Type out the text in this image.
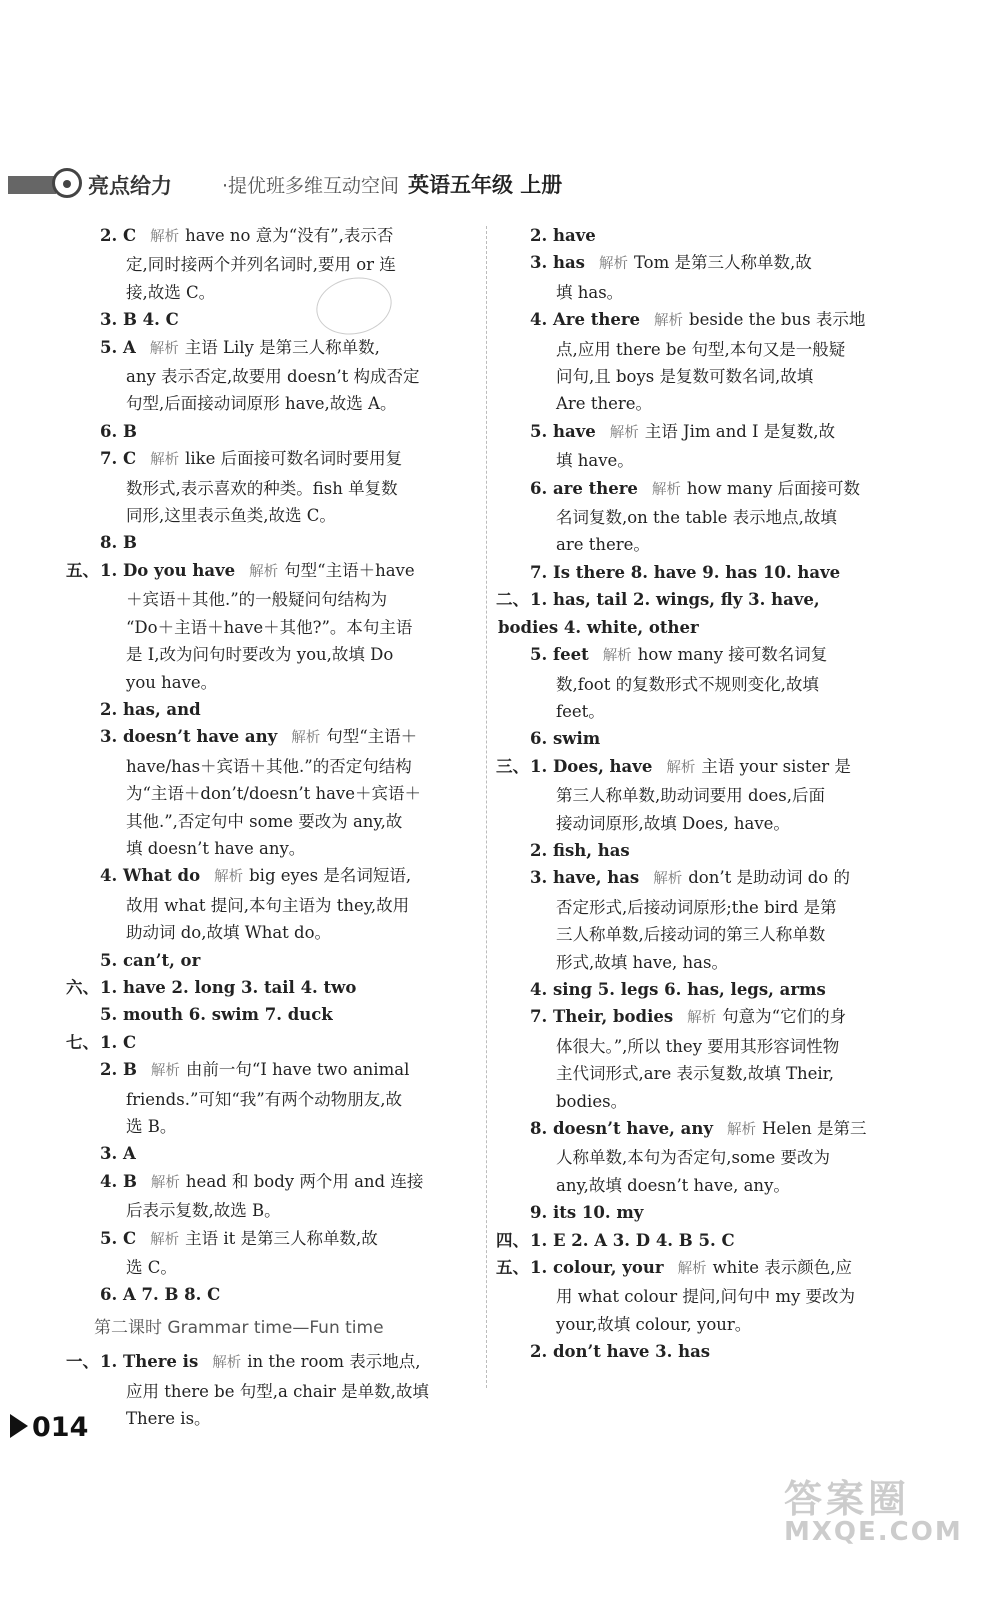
亮点给力	·提优班多维互动空间 英语五年级 上册
2. C 解析 have no 意为“没有”,表示否
定,同时接两个并列名词时,要用 or 连
接,故选 C。
3. B 4. C
5. A 解析 主语 Lily 是第三人称单数,
any 表示否定,故要用 doesn’t 构成否定
句型,后面接动词原形 have,故选 A。
6. B
7. C 解析 like 后面接可数名词时要用复
数形式,表示喜欢的种类。fish 单复数
同形,这里表示鱼类,故选 C。
8. B
五、 1. Do you have 解析 句型“主语＋have
＋宾语＋其他.”的一般疑问句结构为
“Do＋主语＋have＋其他?”。本句主语
是 I,改为问句时要改为 you,故填 Do
you have。
2. has, and
3. doesn’t have any 解析 句型“主语＋
have/has＋宾语＋其他.”的否定句结构
为“主语＋don’t/doesn’t have＋宾语＋
其他.”,否定句中 some 要改为 any,故
填 doesn’t have any。
4. What do 解析 big eyes 是名词短语,
故用 what 提问,本句主语为 they,故用
助动词 do,故填 What do。
5. can’t, or
六、 1. have 2. long 3. tail 4. two
5. mouth 6. swim 7. duck
七、 1. C
2. B 解析 由前一句“I have two animal
friends.”可知“我”有两个动物朋友,故
选 B。
3. A
4. B 解析 head 和 body 两个用 and 连接
后表示复数,故选 B。
5. C 解析 主语 it 是第三人称单数,故
选 C。
6. A 7. B 8. C
第二课时 Grammar time—Fun time
一、 1. There is 解析 in the room 表示地点,
应用 there be 句型,a chair 是单数,故填
There is。
2. have
3. has 解析 Tom 是第三人称单数,故
填 has。
4. Are there 解析 beside the bus 表示地
点,应用 there be 句型,本句又是一般疑
问句,且 boys 是复数可数名词,故填
Are there。
5. have 解析 主语 Jim and I 是复数,故
填 have。
6. are there 解析 how many 后面接可数
名词复数,on the table 表示地点,故填
are there。
7. Is there 8. have 9. has 10. have
二、 1. has, tail 2. wings, fly 3. have,
bodies 4. white, other
5. feet 解析 how many 接可数名词复
数,foot 的复数形式不规则变化,故填
feet。
6. swim
三、 1. Does, have 解析 主语 your sister 是
第三人称单数,助动词要用 does,后面
接动词原形,故填 Does, have。
2. fish, has
3. have, has 解析 don’t 是助动词 do 的
否定形式,后接动词原形;the bird 是第
三人称单数,后接动词的第三人称单数
形式,故填 have, has。
4. sing 5. legs 6. has, legs, arms
7. Their, bodies 解析 句意为“它们的身
体很大。”,所以 they 要用其形容词性物
主代词形式,are 表示复数,故填 Their,
bodies。
8. doesn’t have, any 解析 Helen 是第三
人称单数,本句为否定句,some 要改为
any,故填 doesn’t have, any。
9. its 10. my
四、 1. E 2. A 3. D 4. B 5. C
五、 1. colour, your 解析 white 表示颜色,应
用 what colour 提问,问句中 my 要改为
your,故填 colour, your。
2. don’t have 3. has
014
答案圈
MXQE.COM
